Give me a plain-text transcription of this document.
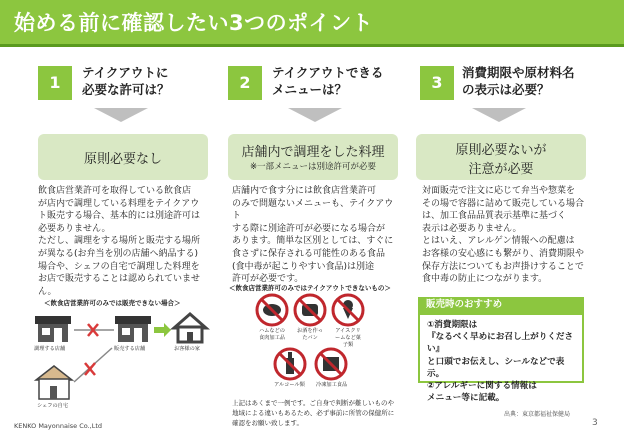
始める前に確認したい3つのポイント
1
テイクアウトに
必要な許可は？
原則必要なし
飲食店営業許可を取得している飲食店
が店内で調理している料理をテイクアウ
ト販売する場合、基本的には別途許可は
必要ありません。
ただし、調理をする場所と販売する場所
が異なる(お弁当を別の店舗へ納品する)
場合や、シェフの自宅で調理した料理を
お店で販売することは認められていません。
＜飲食店営業許可のみでは販売できない場合＞
調理する店舗	販売する店舗	お客様の家
シェフの自宅
2
テイクアウトできる
メニューは？
店舗内で調理をした料理
※一部メニューは別途許可が必要
店舗内で食す分には飲食店営業許可
のみで問題ないメニューも、テイクアウト
する際に別途許可が必要になる場合が
あります。簡単な区別としては、すぐに
食さずに保存される可能性のある食品
(食中毒が起こりやすい食品)は別途
許可が必要です。
＜飲食店営業許可のみではテイクアウトできないもの＞
ハムなどの食肉加工品
お酒を作ったバン
アイスクリームなど菓子類
アルコール類 冷凍加工食品
上記はあくまで一例です。ご自身で判断が難しいものや
地域による違いもあるため、必ず事前に所管の保健所に
確認をお願い致します。
3
消費期限や原材料名
の表示は必要？
原則必要ないが
注意が必要
対面販売で注文に応じて弁当や惣菜を
その場で容器に詰めて販売している場合
は、加工食品品質表示基準に基づく
表示は必要ありません。
とはいえ、アレルゲン情報への配慮は
お客様の安心感にも繋がり、消費期限や
保存方法についてもお声掛けすることで
食中毒の防止につながります。
販売時のおすすめ
①消費期限は
『なるべく早めにお召し上がりください』
と口頭でお伝えし、シールなどで表示。
②アレルギーに関する情報は
メニュー等に記載。
KENKO Mayonnaise Co.,Ltd
出典：東京都福祉保健局
3
